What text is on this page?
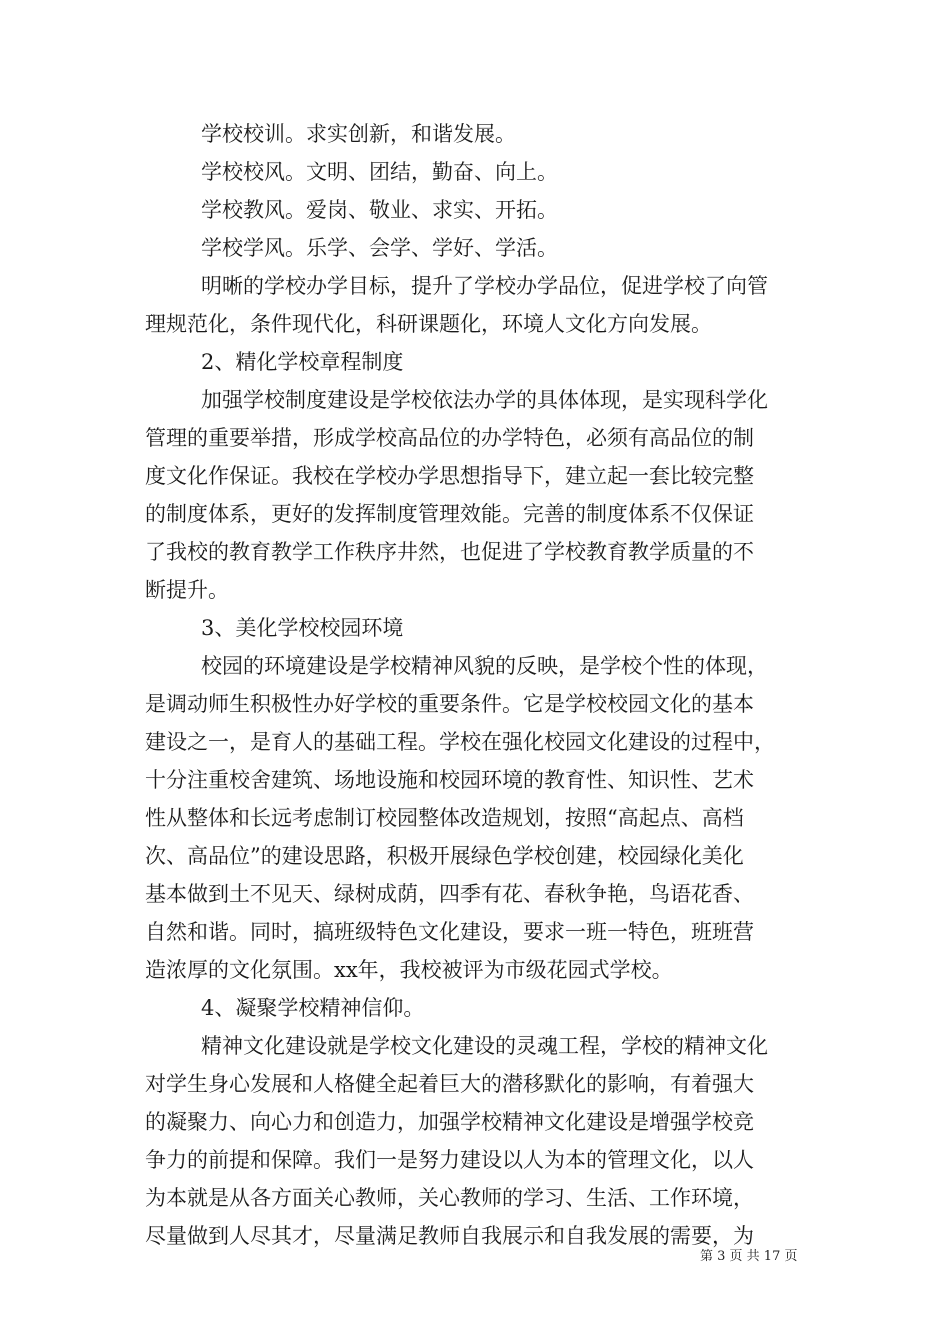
学校校训。求实创新，和谐发展。
学校校风。文明、团结，勤奋、向上。
学校教风。爱岗、敬业、求实、开拓。
学校学风。乐学、会学、学好、学活。
明晰的学校办学目标，提升了学校办学品位，促进学校了向管
理规范化，条件现代化，科研课题化，环境人文化方向发展。
2、精化学校章程制度
加强学校制度建设是学校依法办学的具体体现，是实现科学化
管理的重要举措，形成学校高品位的办学特色，必须有高品位的制
度文化作保证。我校在学校办学思想指导下，建立起一套比较完整
的制度体系，更好的发挥制度管理效能。完善的制度体系不仅保证
了我校的教育教学工作秩序井然，也促进了学校教育教学质量的不
断提升。
3、美化学校校园环境
校园的环境建设是学校精神风貌的反映，是学校个性的体现，
是调动师生积极性办好学校的重要条件。它是学校校园文化的基本
建设之一，是育人的基础工程。学校在强化校园文化建设的过程中，
十分注重校舍建筑、场地设施和校园环境的教育性、知识性、艺术
性从整体和长远考虑制订校园整体改造规划，按照“高起点、高档
次、高品位”的建设思路，积极开展绿色学校创建，校园绿化美化
基本做到土不见天、绿树成荫，四季有花、春秋争艳，鸟语花香、
自然和谐。同时，搞班级特色文化建设，要求一班一特色，班班营
造浓厚的文化氛围。xx年，我校被评为市级花园式学校。
4、凝聚学校精神信仰。
精神文化建设就是学校文化建设的灵魂工程，学校的精神文化
对学生身心发展和人格健全起着巨大的潜移默化的影响，有着强大
的凝聚力、向心力和创造力，加强学校精神文化建设是增强学校竞
争力的前提和保障。我们一是努力建设以人为本的管理文化，以人
为本就是从各方面关心教师，关心教师的学习、生活、工作环境，
尽量做到人尽其才，尽量满足教师自我展示和自我发展的需要，为
第 3 页 共 17 页
